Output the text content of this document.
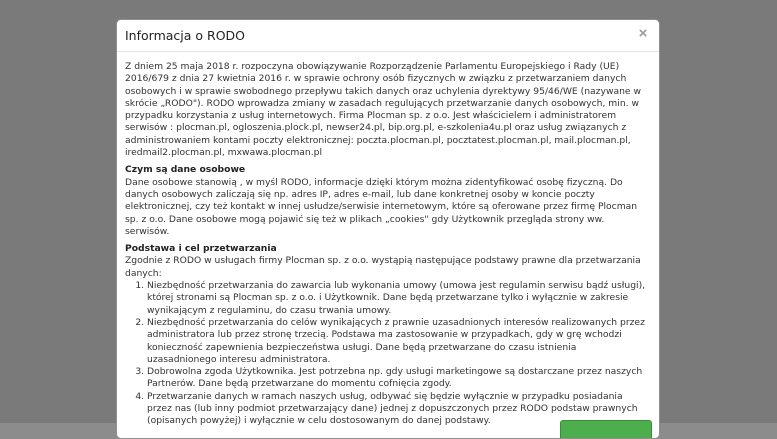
Informacja o RODO	×

Z dniem 25 maja 2018 r. rozpoczyna obowiązywanie Rozporządzenie Parlamentu Europejskiego i Rady (UE) 2016/679 z dnia 27 kwietnia 2016 r. w sprawie ochrony osób fizycznych w związku z przetwarzaniem danych osobowych i w sprawie swobodnego przepływu takich danych oraz uchylenia dyrektywy 95/46/WE (nazywane w skrócie „RODO"). RODO wprowadza zmiany w zasadach regulujących przetwarzanie danych osobowych, min. w przypadku korzystania z usług internetowych. Firma Plocman sp. z o.o. Jest właścicielem i administratorem serwisów : plocman.pl, ogloszenia.plock.pl, newser24.pl, bip.org.pl, e-szkolenia4u.pl oraz usług związanych z administrowaniem kontami poczty elektronicznej: poczta.plocman.pl, pocztatest.plocman.pl, mail.plocman.pl, iredmail2.plocman.pl, mxwawa.plocman.pl

Czym są dane osobowe

Dane osobowe stanowią , w myśl RODO, informacje dzięki którym można zidentyfikować osobę fizyczną. Do danych osobowych zaliczają się np. adres IP, adres e-mail, lub dane konkretnej osoby w koncie poczty elektronicznej, czy też kontakt w innej usłudze/serwisie internetowym, które są oferowane przez firmę Plocman sp. z o.o. Dane osobowe mogą pojawić się też w plikach „cookies" gdy Użytkownik przegląda strony ww. serwisów.

Podstawa i cel przetwarzania

Zgodnie z RODO w usługach firmy Plocman sp. z o.o. wystąpią następujące podstawy prawne dla przetwarzania danych:

1. Niezbędność przetwarzania do zawarcia lub wykonania umowy (umowa jest regulamin serwisu bądź usługi), której stronami są Plocman sp. z o.o. i Użytkownik. Dane będą przetwarzane tylko i wyłącznie w zakresie wynikającym z regulaminu, do czasu trwania umowy.
2. Niezbędność przetwarzania do celów wynikających z prawnie uzasadnionych interesów realizowanych przez administratora lub przez stronę trzecią. Podstawa ma zastosowanie w przypadkach, gdy w grę wchodzi konieczność zapewnienia bezpieczeństwa usługi. Dane będą przetwarzane do czasu istnienia uzasadnionego interesu administratora.
3. Dobrowolna zgoda Użytkownika. Jest potrzebna np. gdy usługi marketingowe są dostarczane przez naszych Partnerów. Dane będą przetwarzane do momentu cofnięcia zgody.
4. Przetwarzanie danych w ramach naszych usług, odbywać się będzie wyłącznie w przypadku posiadania przez nas (lub inny podmiot przetwarzający dane) jednej z dopuszczonych przez RODO podstaw prawnych (opisanych powyżej) i wyłącznie w celu dostosowanym do danej podstawy.
